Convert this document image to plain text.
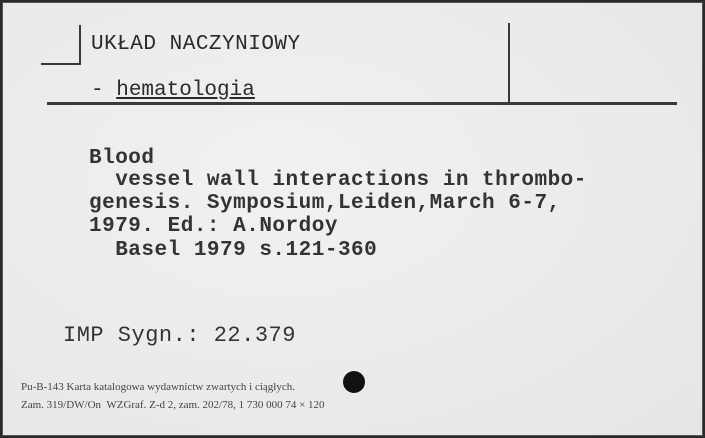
UKŁAD NACZYNIOWY
- hematologia
Blood
vessel wall interactions in thrombo-
genesis. Symposium,Leiden,March 6-7,
1979. Ed.: A.Nordoy
Basel 1979 s.121-360
IMP Sygn.: 22.379
Pu-B-143 Karta katalogowa wydawnictw zwartych i ciągłych.
Zam. 319/DW/On  WZGraf. Z-d 2, zam. 202/78, 1 730 000 74 × 120
